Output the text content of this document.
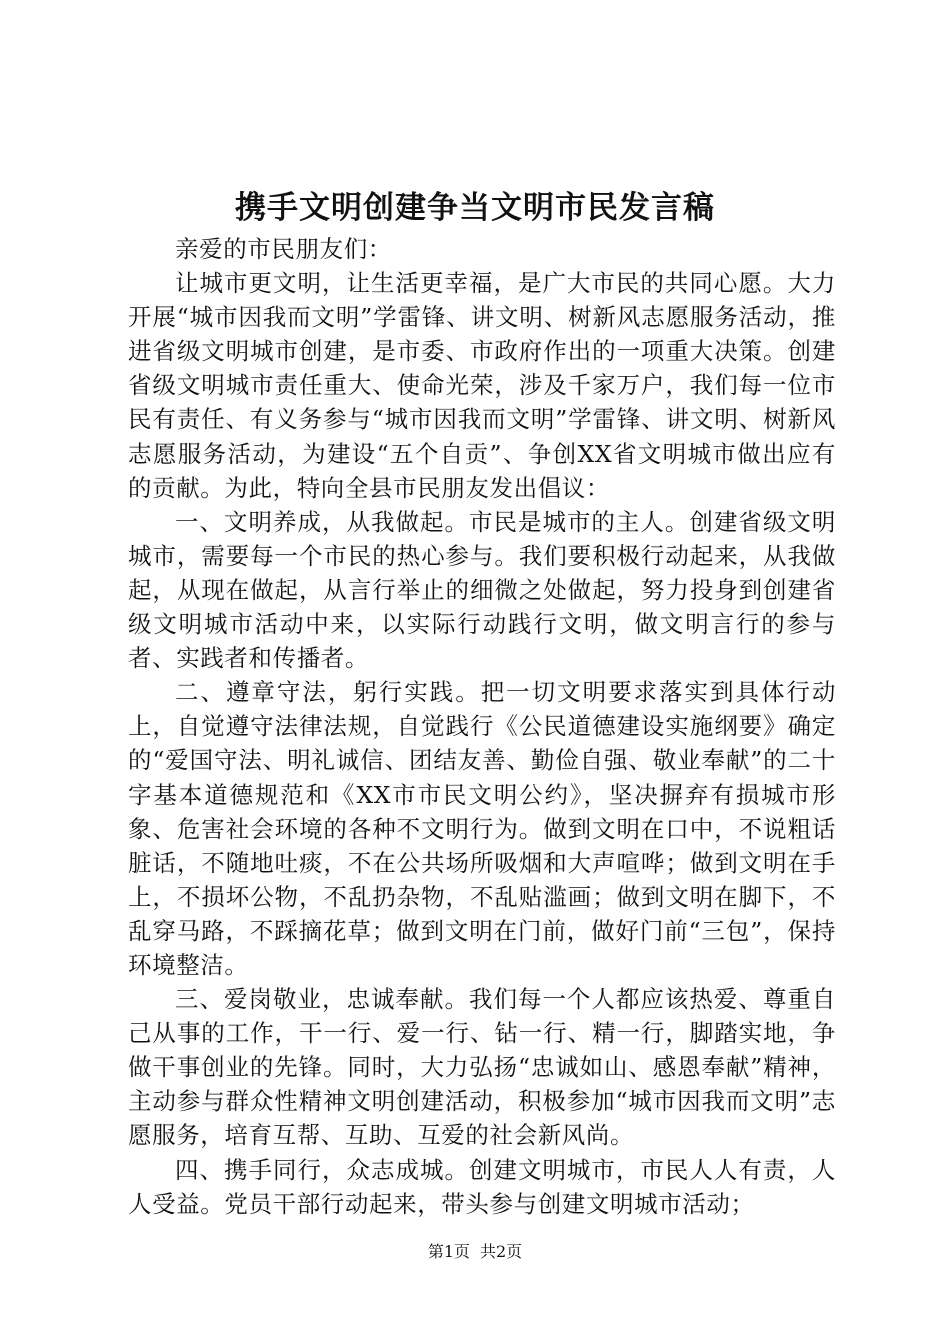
携手文明创建争当文明市民发言稿

亲爱的市民朋友们：

让城市更文明，让生活更幸福，是广大市民的共同心愿。大力开展“城市因我而文明”学雷锋、讲文明、树新风志愿服务活动，推进省级文明城市创建，是市委、市政府作出的一项重大决策。创建省级文明城市责任重大、使命光荣，涉及千家万户，我们每一位市民有责任、有义务参与“城市因我而文明”学雷锋、讲文明、树新风志愿服务活动，为建设“五个自贡”、争创XX省文明城市做出应有的贡献。为此，特向全县市民朋友发出倡议：

一、文明养成，从我做起。市民是城市的主人。创建省级文明城市，需要每一个市民的热心参与。我们要积极行动起来，从我做起，从现在做起，从言行举止的细微之处做起，努力投身到创建省级文明城市活动中来，以实际行动践行文明，做文明言行的参与者、实践者和传播者。

二、遵章守法，躬行实践。把一切文明要求落实到具体行动上，自觉遵守法律法规，自觉践行《公民道德建设实施纲要》确定的“爱国守法、明礼诚信、团结友善、勤俭自强、敬业奉献”的二十字基本道德规范和《XX市市民文明公约》，坚决摒弃有损城市形象、危害社会环境的各种不文明行为。做到文明在口中，不说粗话脏话，不随地吐痰，不在公共场所吸烟和大声喧哗；做到文明在手上，不损坏公物，不乱扔杂物，不乱贴滥画；做到文明在脚下，不乱穿马路，不踩摘花草；做到文明在门前，做好门前“三包”，保持环境整洁。

三、爱岗敬业，忠诚奉献。我们每一个人都应该热爱、尊重自己从事的工作，干一行、爱一行、钻一行、精一行，脚踏实地，争做干事创业的先锋。同时，大力弘扬“忠诚如山、感恩奉献”精神，主动参与群众性精神文明创建活动，积极参加“城市因我而文明”志愿服务，培育互帮、互助、互爱的社会新风尚。

四、携手同行，众志成城。创建文明城市，市民人人有责，人人受益。党员干部行动起来，带头参与创建文明城市活动；

第1页 共2页
